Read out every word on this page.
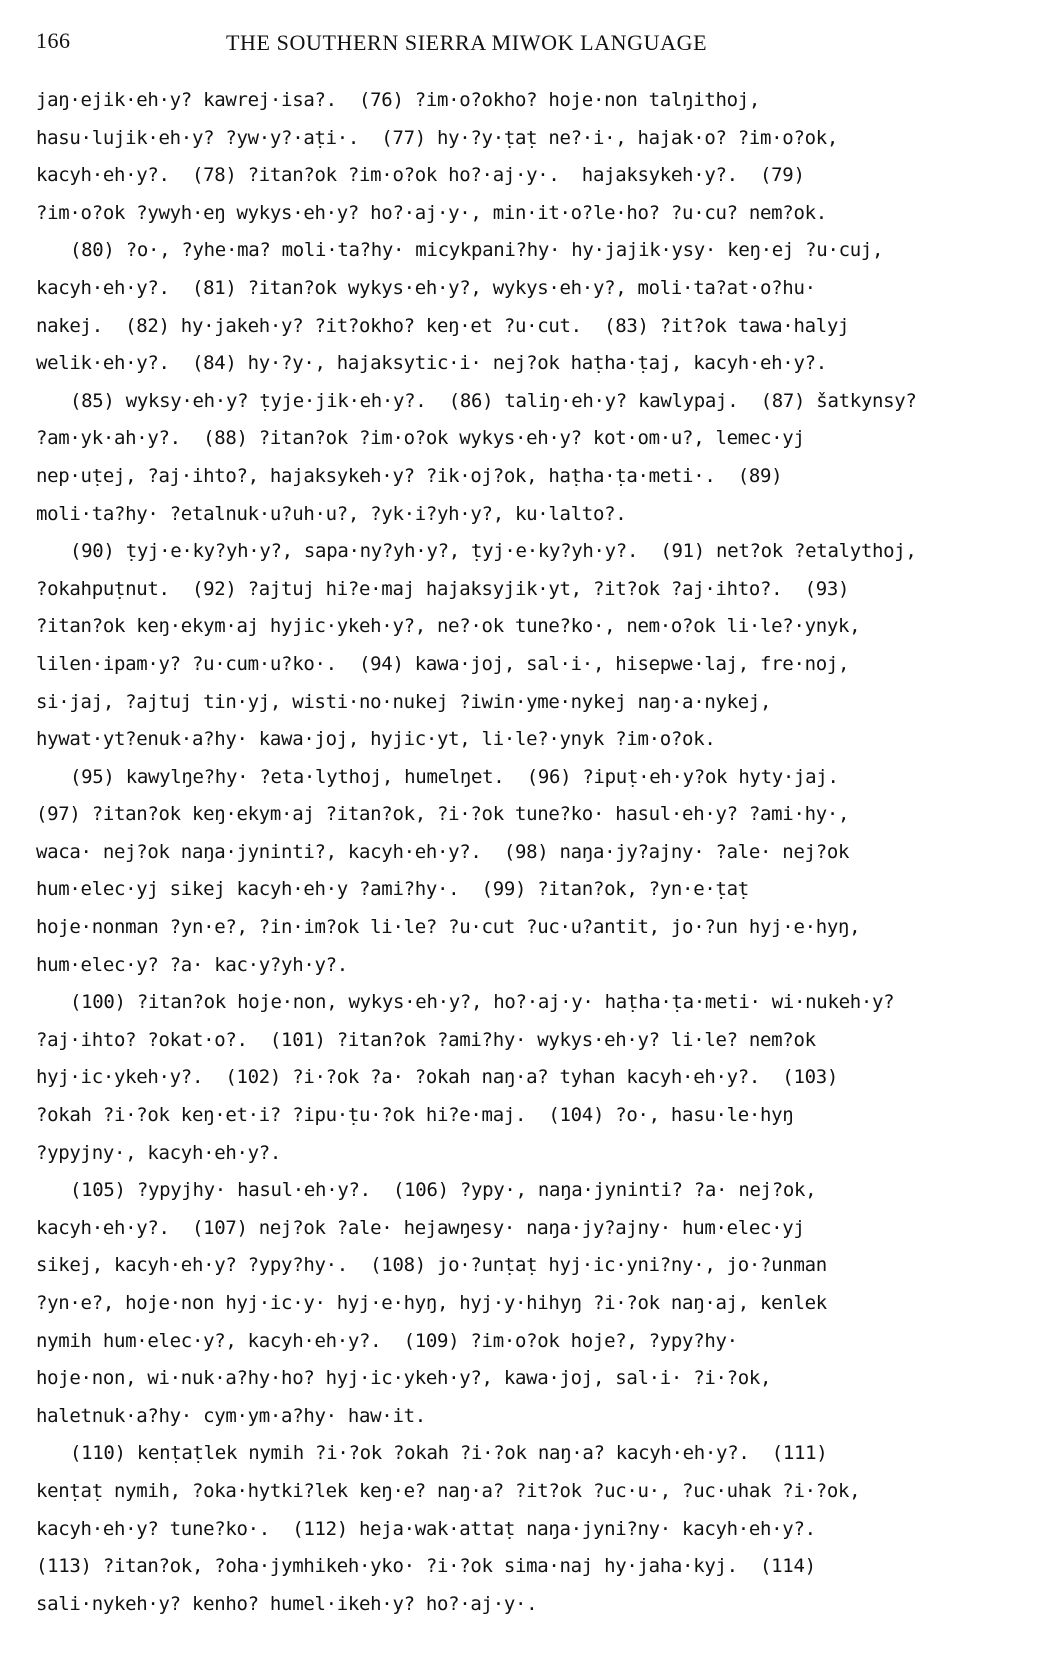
166	THE SOUTHERN SIERRA MIWOK LANGUAGE
jaŋ·ejik·eh·y? kawrej·isa?.  (76) ?im·o?okho? hoje·non talŋithoj,
hasu·lujik·eh·y? ?yw·y?·aṭi·.  (77) hy·?y·ṭaṭ ne?·i·, hajak·o? ?im·o?ok,
kacyh·eh·y?.  (78) ?itan?ok ?im·o?ok ho?·aj·y·.  hajaksykeh·y?.  (79)
?im·o?ok ?ywyh·eŋ wykys·eh·y? ho?·aj·y·, min·it·o?le·ho? ?u·cu? nem?ok.
(80) ?o·, ?yhe·ma? moli·ta?hy· micykpani?hy· hy·jajik·ysy· keŋ·ej ?u·cuj,
kacyh·eh·y?.  (81) ?itan?ok wykys·eh·y?, wykys·eh·y?, moli·ta?at·o?hu·
nakej.  (82) hy·jakeh·y? ?it?okho? keŋ·et ?u·cut.  (83) ?it?ok tawa·halyj
welik·eh·y?.  (84) hy·?y·, hajaksytic·i· nej?ok haṭha·ṭaj, kacyh·eh·y?.
(85) wyksy·eh·y? ṭyje·jik·eh·y?.  (86) taliŋ·eh·y? kawlypaj.  (87) šatkynsy?
?am·yk·ah·y?.  (88) ?itan?ok ?im·o?ok wykys·eh·y? kot·om·u?, lemec·yj
nep·uṭej, ?aj·ihto?, hajaksykeh·y? ?ik·oj?ok, haṭha·ṭa·meti·.  (89)
moli·ta?hy· ?etalnuk·u?uh·u?, ?yk·i?yh·y?, ku·lalto?.
(90) ṭyj·e·ky?yh·y?, sapa·ny?yh·y?, ṭyj·e·ky?yh·y?.  (91) net?ok ?etalythoj,
?okahpuṭnut.  (92) ?ajtuj hi?e·maj hajaksyjik·yt, ?it?ok ?aj·ihto?.  (93)
?itan?ok keŋ·ekym·aj hyjic·ykeh·y?, ne?·ok tune?ko·, nem·o?ok li·le?·ynyk,
lilen·ipam·y? ?u·cum·u?ko·.  (94) kawa·joj, sal·i·, hisepwe·laj, fre·noj,
si·jaj, ?ajtuj tin·yj, wisti·no·nukej ?iwin·yme·nykej naŋ·a·nykej,
hywat·yt?enuk·a?hy· kawa·joj, hyjic·yt, li·le?·ynyk ?im·o?ok.
(95) kawylŋe?hy· ?eta·lythoj, humelŋet.  (96) ?ipuṭ·eh·y?ok hyty·jaj.
(97) ?itan?ok keŋ·ekym·aj ?itan?ok, ?i·?ok tune?ko· hasul·eh·y? ?ami·hy·,
waca· nej?ok naŋa·jyninti?, kacyh·eh·y?.  (98) naŋa·jy?ajny· ?ale· nej?ok
hum·elec·yj sikej kacyh·eh·y ?ami?hy·.  (99) ?itan?ok, ?yn·e·ṭaṭ
hoje·nonman ?yn·e?, ?in·im?ok li·le? ?u·cut ?uc·u?antit, jo·?un hyj·e·hyŋ,
hum·elec·y? ?a· kac·y?yh·y?.
(100) ?itan?ok hoje·non, wykys·eh·y?, ho?·aj·y· haṭha·ṭa·meti· wi·nukeh·y?
?aj·ihto? ?okat·o?.  (101) ?itan?ok ?ami?hy· wykys·eh·y? li·le? nem?ok
hyj·ic·ykeh·y?.  (102) ?i·?ok ?a· ?okah naŋ·a? tyhan kacyh·eh·y?.  (103)
?okah ?i·?ok keŋ·et·i? ?ipu·ṭu·?ok hi?e·maj.  (104) ?o·, hasu·le·hyŋ
?ypyjny·, kacyh·eh·y?.
(105) ?ypyjhy· hasul·eh·y?.  (106) ?ypy·, naŋa·jyninti? ?a· nej?ok,
kacyh·eh·y?.  (107) nej?ok ?ale· hejawŋesy· naŋa·jy?ajny· hum·elec·yj
sikej, kacyh·eh·y? ?ypy?hy·.  (108) jo·?unṭaṭ hyj·ic·yni?ny·, jo·?unman
?yn·e?, hoje·non hyj·ic·y· hyj·e·hyŋ, hyj·y·hihyŋ ?i·?ok naŋ·aj, kenlek
nymih hum·elec·y?, kacyh·eh·y?.  (109) ?im·o?ok hoje?, ?ypy?hy·
hoje·non, wi·nuk·a?hy·ho? hyj·ic·ykeh·y?, kawa·joj, sal·i· ?i·?ok,
haletnuk·a?hy· cym·ym·a?hy· haw·it.
(110) kenṭaṭlek nymih ?i·?ok ?okah ?i·?ok naŋ·a? kacyh·eh·y?.  (111)
kenṭaṭ nymih, ?oka·hytki?lek keŋ·e? naŋ·a? ?it?ok ?uc·u·, ?uc·uhak ?i·?ok,
kacyh·eh·y? tune?ko·.  (112) heja·wak·attaṭ naŋa·jyni?ny· kacyh·eh·y?.
(113) ?itan?ok, ?oha·jymhikeh·yko· ?i·?ok sima·naj hy·jaha·kyj.  (114)
sali·nykeh·y? kenho? humel·ikeh·y? ho?·aj·y·.
